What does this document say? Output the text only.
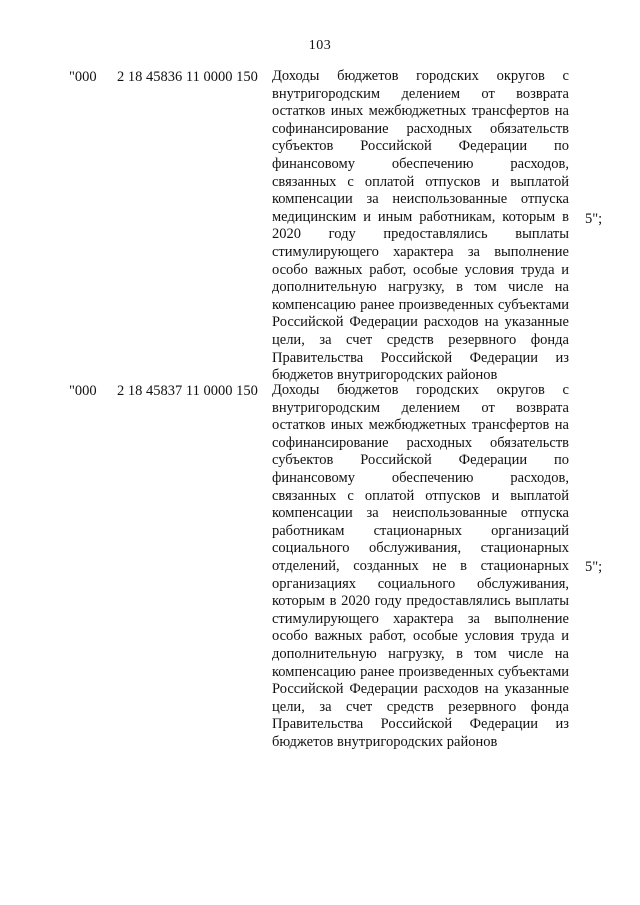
103
"000 2 18 45836 11 0000 150 Доходы бюджетов городских округов с внутригородским делением от возврата остатков иных межбюджетных трансфертов на софинансирование расходных обязательств субъектов Российской Федерации по финансовому обеспечению расходов, связанных с оплатой отпусков и выплатой компенсации за неиспользованные отпуска медицинским и иным работникам, которым в 2020 году предоставлялись выплаты стимулирующего характера за выполнение особо важных работ, особые условия труда и дополнительную нагрузку, в том числе на компенсацию ранее произведенных субъектами Российской Федерации расходов на указанные цели, за счет средств резервного фонда Правительства Российской Федерации из бюджетов внутригородских районов

5";
"000 2 18 45837 11 0000 150 Доходы бюджетов городских округов с внутригородским делением от возврата остатков иных межбюджетных трансфертов на софинансирование расходных обязательств субъектов Российской Федерации по финансовому обеспечению расходов, связанных с оплатой отпусков и выплатой компенсации за неиспользованные отпуска работникам стационарных организаций социального обслуживания, стационарных отделений, созданных не в стационарных организациях социального обслуживания, которым в 2020 году предоставлялись выплаты стимулирующего характера за выполнение особо важных работ, особые условия труда и дополнительную нагрузку, в том числе на компенсацию ранее произведенных субъектами Российской Федерации расходов на указанные цели, за счет средств резервного фонда Правительства Российской Федерации из бюджетов внутригородских районов

5";
